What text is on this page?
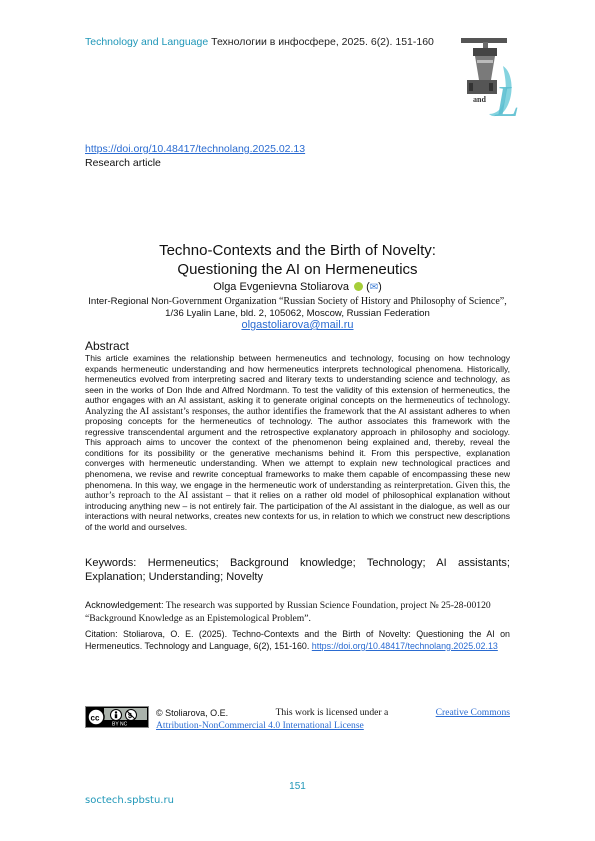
Technology and Language Технологии в инфосфере, 2025. 6(2). 151-160
L
and
https://doi.org/10.48417/technolang.2025.02.13
Research article
Techno-Contexts and the Birth of Novelty:
Questioning the AI on Hermeneutics
Olga Evgenievna Stoliarova (✉)
Inter-Regional Non-Government Organization “Russian Society of History and Philosophy of Science”,
1/36 Lyalin Lane, bld. 2, 105062, Moscow, Russian Federation
olgastoliarova@mail.ru
Abstract
This article examines the relationship between hermeneutics and technology, focusing on how technology expands hermeneutic understanding and how hermeneutics interprets technological phenomena. Historically, hermeneutics evolved from interpreting sacred and literary texts to understanding science and technology, as seen in the works of Don Ihde and Alfred Nordmann. To test the validity of this extension of hermeneutics, the author engages with an AI assistant, asking it to generate original concepts on the hermeneutics of technology. Analyzing the AI assistant’s responses, the author identifies the framework that the AI assistant adheres to when proposing concepts for the hermeneutics of technology. The author associates this framework with the regressive transcendental argument and the retrospective explanatory approach in philosophy and sociology. This approach aims to uncover the context of the phenomenon being explained and, thereby, reveal the conditions for its possibility or the generative mechanisms behind it. From this perspective, explanation converges with hermeneutic understanding. When we attempt to explain new technological practices and phenomena, we revise and rewrite conceptual frameworks to make them capable of encompassing these new phenomena. In this way, we engage in the hermeneutic work of understanding as reinterpretation. Given this, the author’s reproach to the AI assistant – that it relies on a rather old model of philosophical explanation without introducing anything new – is not entirely fair. The participation of the AI assistant in the dialogue, as well as our interactions with neural networks, creates new contexts for us, in relation to which we construct new descriptions of the world and ourselves.
Keywords: Hermeneutics; Background knowledge; Technology; AI assistants; Explanation; Understanding; Novelty
Acknowledgement: The research was supported by Russian Science Foundation, project № 25-28-00120 “Background Knowledge as an Epistemological Problem”.
Citation: Stoliarova, O. E. (2025). Techno-Contexts and the Birth of Novelty: Questioning the AI on Hermeneutics. Technology and Language, 6(2), 151-160. https://doi.org/10.48417/technolang.2025.02.13
cc	$
BY NC
© Stoliarova, O.E.	This work is licensed under a	Creative Commons
Attribution-NonCommercial 4.0 International License
151
soctech.spbstu.ru
